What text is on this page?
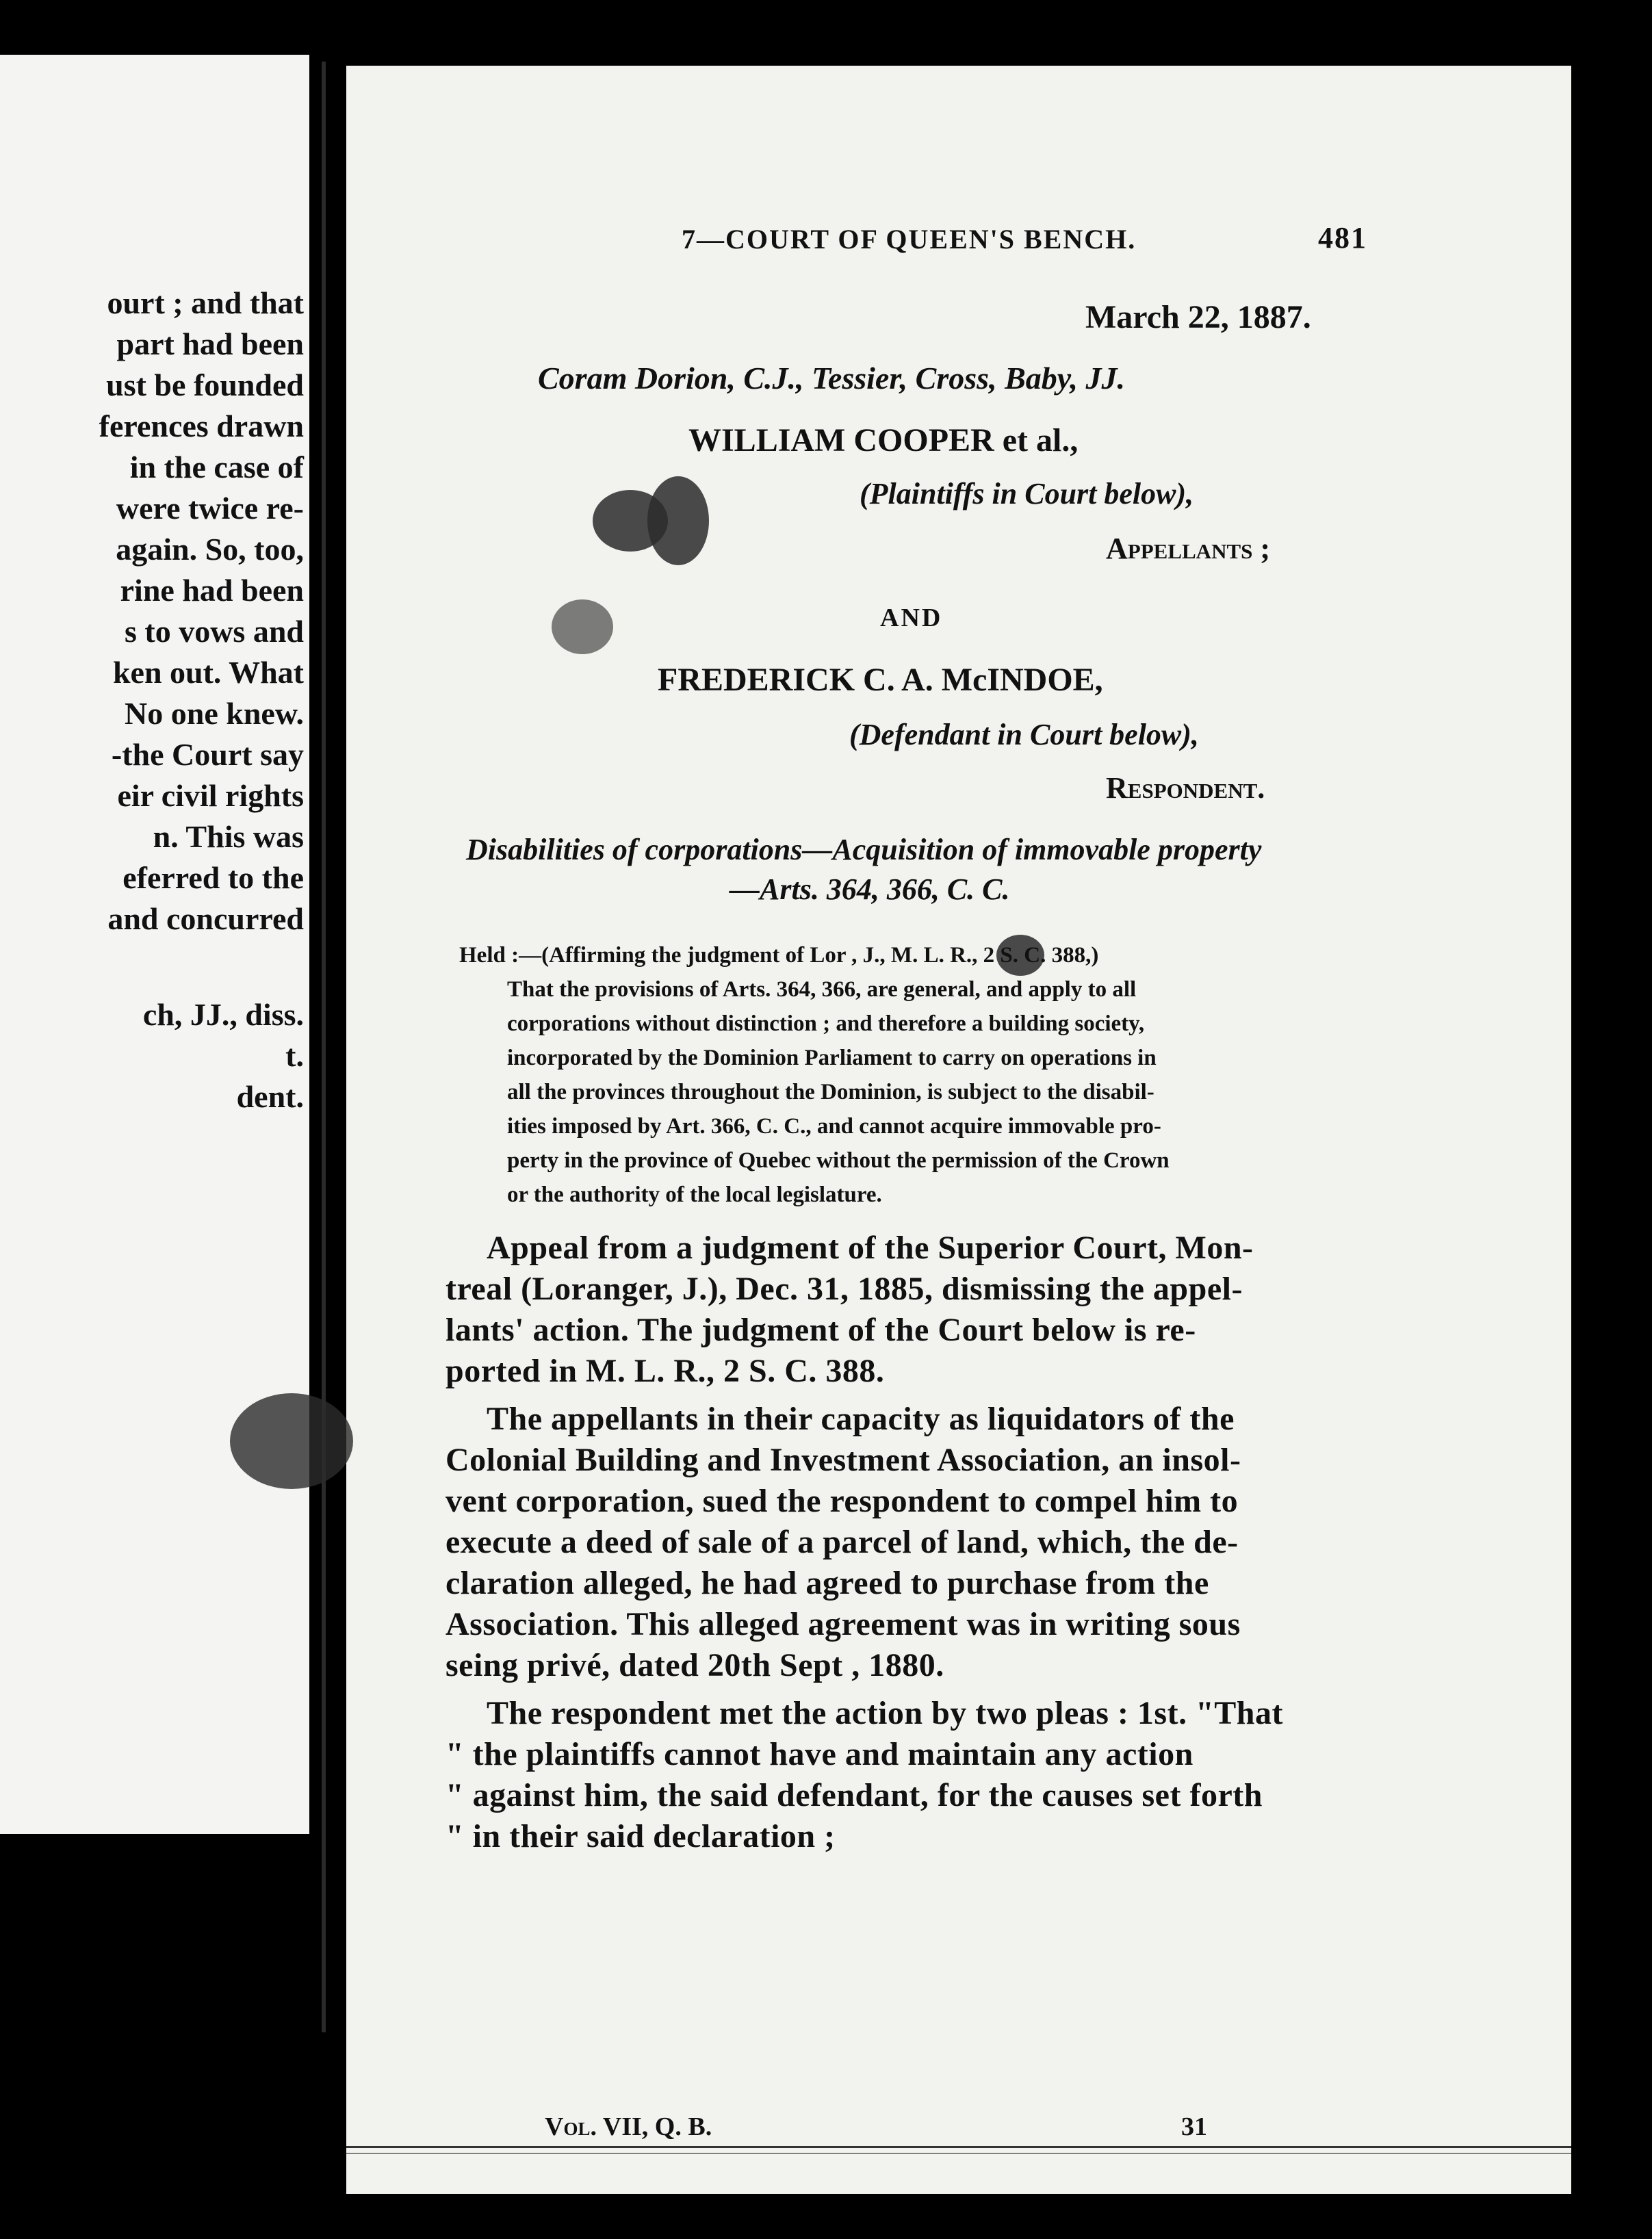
ourt ; and that
part had been
ust be founded
ferences drawn
in the case of
were twice re-
again. So, too,
rine had been
s to vows and
ken out. What
No one knew.
-the Court say
eir civil rights
n. This was
eferred to the
and concurred
ch, JJ., diss.
t.
dent.
7—COURT OF QUEEN'S BENCH.	481
March 22, 1887.
Coram Dorion, C.J., Tessier, Cross, Baby, JJ.
WILLIAM COOPER et al.,
(Plaintiffs in Court below),
Appellants ;
AND
FREDERICK C. A. McINDOE,
(Defendant in Court below),
Respondent.
Disabilities of corporations—Acquisition of immovable property
—Arts. 364, 366, C. C.
Held :—(Affirming the judgment of Lor , J., M. L. R., 2 S. C. 388,)
That the provisions of Arts. 364, 366, are general, and apply to all
corporations without distinction ; and therefore a building society,
incorporated by the Dominion Parliament to carry on operations in
all the provinces throughout the Dominion, is subject to the disabil-
ities imposed by Art. 366, C. C., and cannot acquire immovable pro-
perty in the province of Quebec without the permission of the Crown
or the authority of the local legislature.
Appeal from a judgment of the Superior Court, Mon-
treal (Loranger, J.), Dec. 31, 1885, dismissing the appel-
lants' action. The judgment of the Court below is re-
ported in M. L. R., 2 S. C. 388.
The appellants in their capacity as liquidators of the
Colonial Building and Investment Association, an insol-
vent corporation, sued the respondent to compel him to
execute a deed of sale of a parcel of land, which, the de-
claration alleged, he had agreed to purchase from the
Association. This alleged agreement was in writing sous
seing privé, dated 20th Sept , 1880.
The respondent met the action by two pleas : 1st. "That
" the plaintiffs cannot have and maintain any action
" against him, the said defendant, for the causes set forth
" in their said declaration ;
Vol. VII, Q. B.	31
